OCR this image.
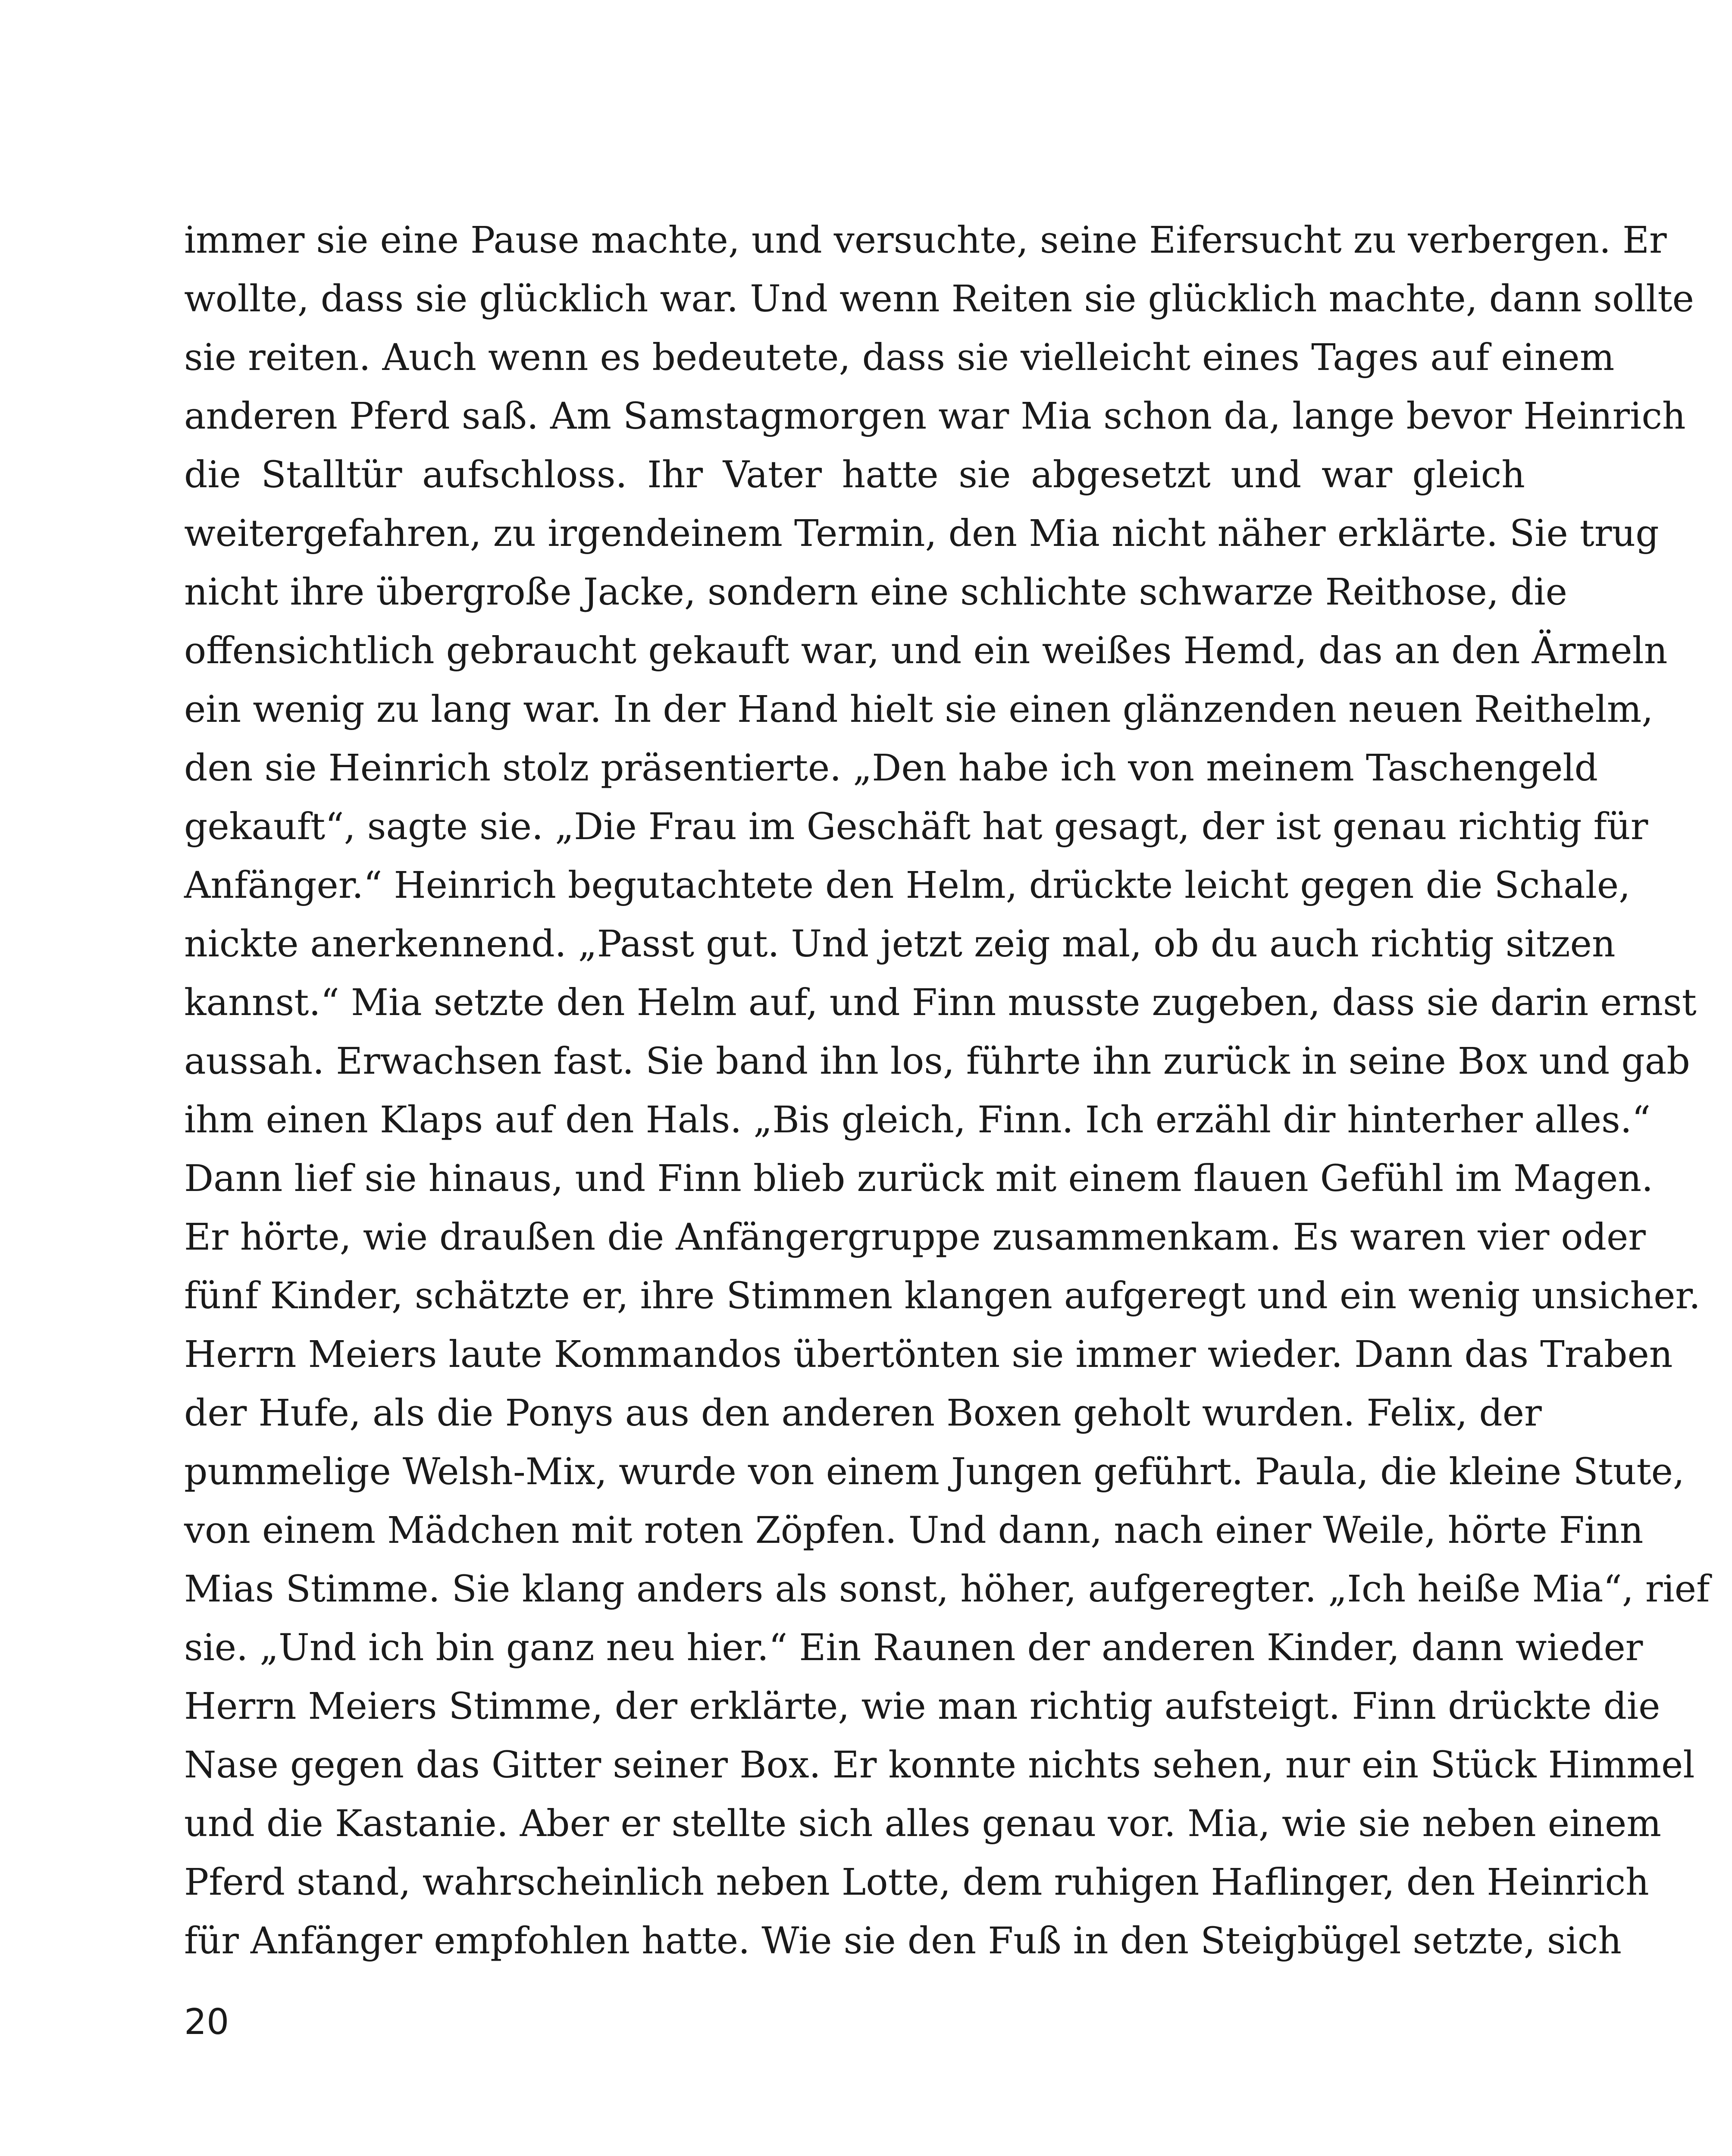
immer sie eine Pause machte, und versuchte, seine Eifersucht zu verbergen. Er
wollte, dass sie glücklich war. Und wenn Reiten sie glücklich machte, dann sollte
sie reiten. Auch wenn es bedeutete, dass sie vielleicht eines Tages auf einem
anderen Pferd saß. Am Samstagmorgen war Mia schon da, lange bevor Heinrich
die Stalltür aufschloss. Ihr Vater hatte sie abgesetzt und war gleich
weitergefahren, zu irgendeinem Termin, den Mia nicht näher erklärte. Sie trug
nicht ihre übergroße Jacke, sondern eine schlichte schwarze Reithose, die
offensichtlich gebraucht gekauft war, und ein weißes Hemd, das an den Ärmeln
ein wenig zu lang war. In der Hand hielt sie einen glänzenden neuen Reithelm,
den sie Heinrich stolz präsentierte. „Den habe ich von meinem Taschengeld
gekauft“, sagte sie. „Die Frau im Geschäft hat gesagt, der ist genau richtig für
Anfänger.“ Heinrich begutachtete den Helm, drückte leicht gegen die Schale,
nickte anerkennend. „Passt gut. Und jetzt zeig mal, ob du auch richtig sitzen
kannst.“ Mia setzte den Helm auf, und Finn musste zugeben, dass sie darin ernst
aussah. Erwachsen fast. Sie band ihn los, führte ihn zurück in seine Box und gab
ihm einen Klaps auf den Hals. „Bis gleich, Finn. Ich erzähl dir hinterher alles.“
Dann lief sie hinaus, und Finn blieb zurück mit einem flauen Gefühl im Magen.
Er hörte, wie draußen die Anfängergruppe zusammenkam. Es waren vier oder
fünf Kinder, schätzte er, ihre Stimmen klangen aufgeregt und ein wenig unsicher.
Herrn Meiers laute Kommandos übertönten sie immer wieder. Dann das Traben
der Hufe, als die Ponys aus den anderen Boxen geholt wurden. Felix, der
pummelige Welsh-Mix, wurde von einem Jungen geführt. Paula, die kleine Stute,
von einem Mädchen mit roten Zöpfen. Und dann, nach einer Weile, hörte Finn
Mias Stimme. Sie klang anders als sonst, höher, aufgeregter. „Ich heiße Mia“, rief
sie. „Und ich bin ganz neu hier.“ Ein Raunen der anderen Kinder, dann wieder
Herrn Meiers Stimme, der erklärte, wie man richtig aufsteigt. Finn drückte die
Nase gegen das Gitter seiner Box. Er konnte nichts sehen, nur ein Stück Himmel
und die Kastanie. Aber er stellte sich alles genau vor. Mia, wie sie neben einem
Pferd stand, wahrscheinlich neben Lotte, dem ruhigen Haflinger, den Heinrich
für Anfänger empfohlen hatte. Wie sie den Fuß in den Steigbügel setzte, sich
20
